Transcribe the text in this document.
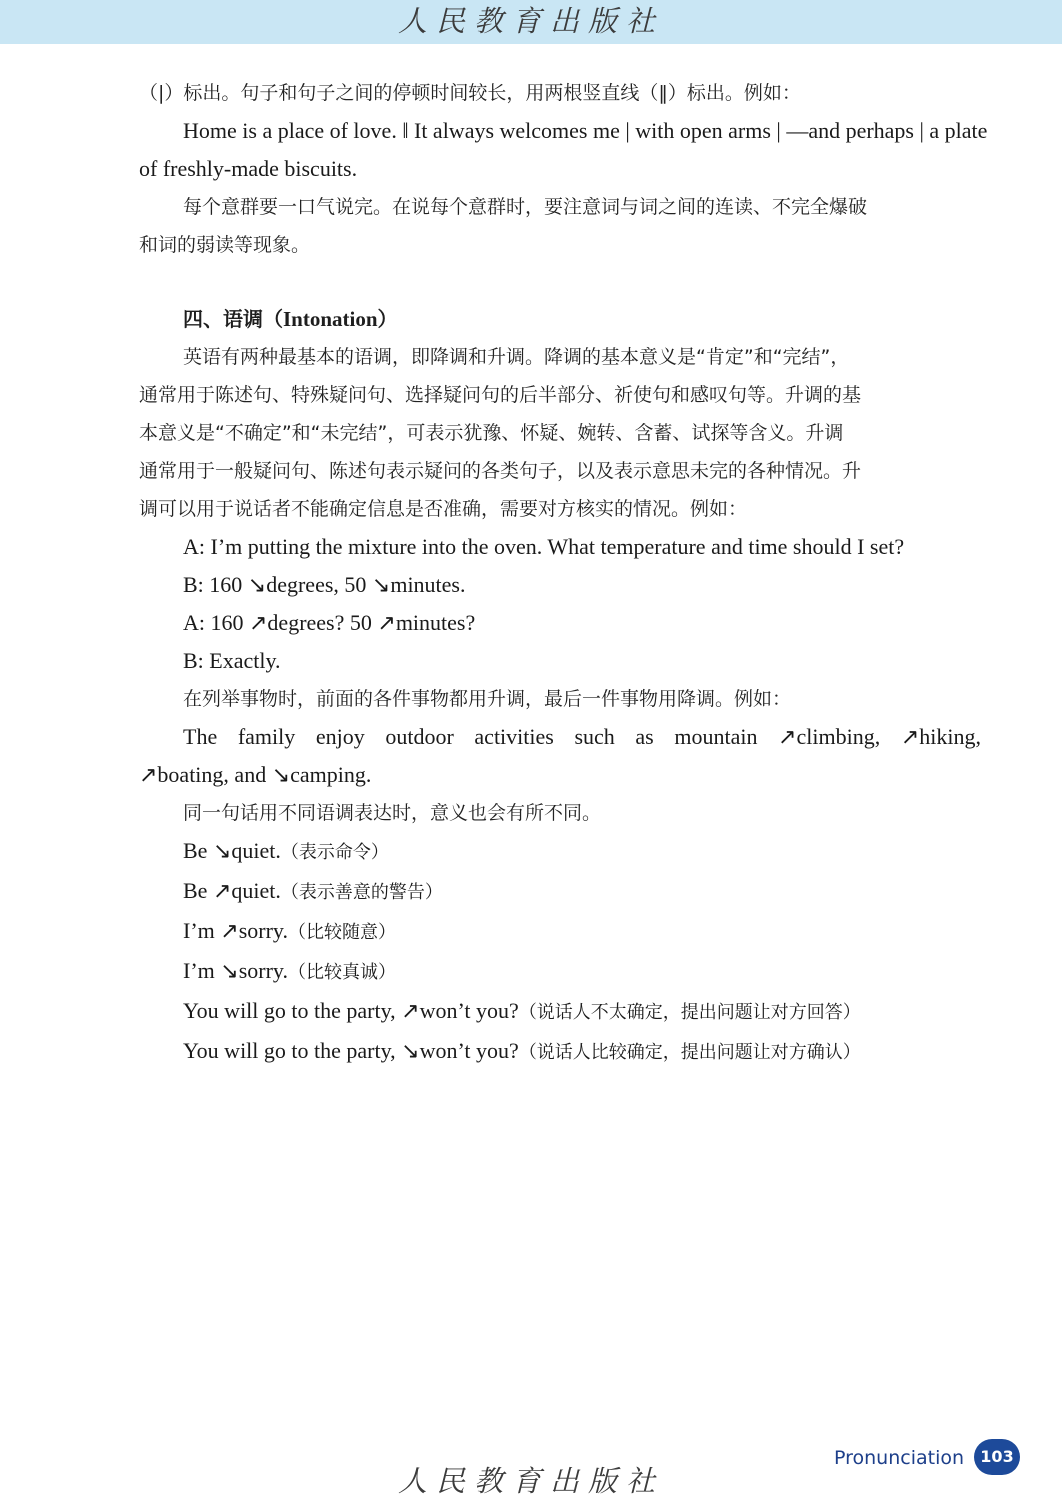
人民教育出版社

（|）标出。句子和句子之间的停顿时间较长，用两根竖直线（‖）标出。例如：

Home is a place of love. ‖ It always welcomes me | with open arms | —and perhaps | a plate

of freshly-made biscuits.

每个意群要一口气说完。在说每个意群时，要注意词与词之间的连读、不完全爆破

和词的弱读等现象。

四、语调（Intonation）

英语有两种最基本的语调，即降调和升调。降调的基本意义是“肯定”和“完结”，

通常用于陈述句、特殊疑问句、选择疑问句的后半部分、祈使句和感叹句等。升调的基

本意义是“不确定”和“未完结”，可表示犹豫、怀疑、婉转、含蓄、试探等含义。升调

通常用于一般疑问句、陈述句表示疑问的各类句子，以及表示意思未完的各种情况。升

调可以用于说话者不能确定信息是否准确，需要对方核实的情况。例如：

A: I’m putting the mixture into the oven. What temperature and time should I set?

B: 160 ↘degrees, 50 ↘minutes.

A: 160 ↗degrees? 50 ↗minutes?

B: Exactly.

在列举事物时，前面的各件事物都用升调，最后一件事物用降调。例如：

The family enjoy outdoor activities such as mountain ↗climbing, ↗hiking,

↗boating, and ↘camping.

同一句话用不同语调表达时，意义也会有所不同。

Be ↘quiet.（表示命令）

Be ↗quiet.（表示善意的警告）

I’m ↗sorry.（比较随意）

I’m ↘sorry.（比较真诚）

You will go to the party, ↗won’t you?（说话人不太确定，提出问题让对方回答）

You will go to the party, ↘won’t you?（说话人比较确定，提出问题让对方确认）

Pronunciation	103
人民教育出版社
